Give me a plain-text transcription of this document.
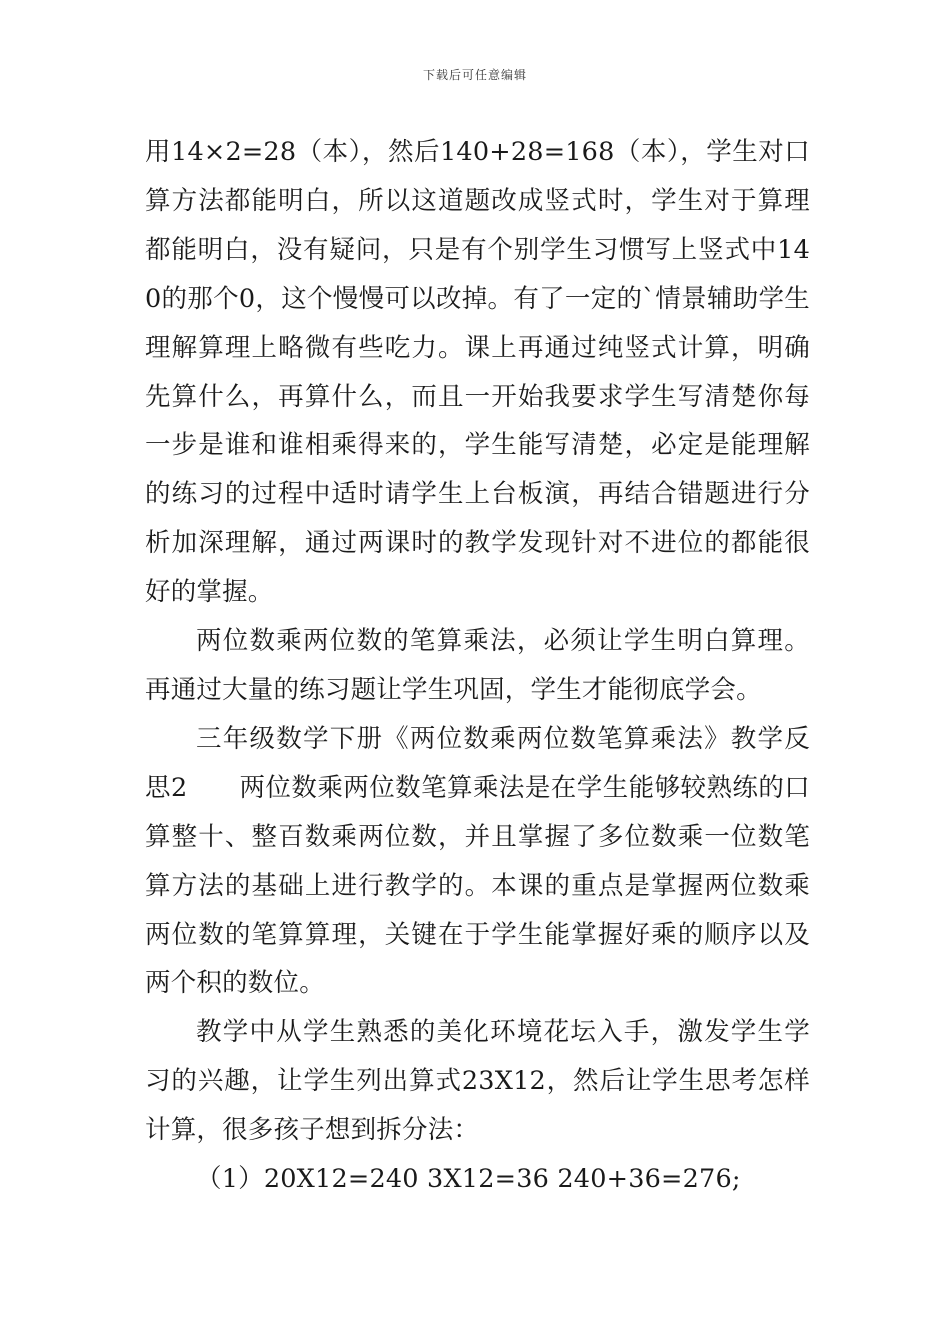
下载后可任意编辑

用14×2=28（本），然后140+28=168（本），学生对口算方法都能明白，所以这道题改成竖式时，学生对于算理都能明白，没有疑问，只是有个别学生习惯写上竖式中140的那个0，这个慢慢可以改掉。有了一定的`情景辅助学生理解算理上略微有些吃力。课上再通过纯竖式计算，明确先算什么，再算什么，而且一开始我要求学生写清楚你每一步是谁和谁相乘得来的，学生能写清楚，必定是能理解的练习的过程中适时请学生上台板演，再结合错题进行分析加深理解，通过两课时的教学发现针对不进位的都能很好的掌握。

两位数乘两位数的笔算乘法，必须让学生明白算理。再通过大量的练习题让学生巩固，学生才能彻底学会。

三年级数学下册《两位数乘两位数笔算乘法》教学反思2　　两位数乘两位数笔算乘法是在学生能够较熟练的口算整十、整百数乘两位数，并且掌握了多位数乘一位数笔算方法的基础上进行教学的。本课的重点是掌握两位数乘两位数的笔算算理，关键在于学生能掌握好乘的顺序以及两个积的数位。

教学中从学生熟悉的美化环境花坛入手，激发学生学习的兴趣，让学生列出算式23X12，然后让学生思考怎样计算，很多孩子想到拆分法：

（1）20X12=240 3X12=36 240+36=276;
